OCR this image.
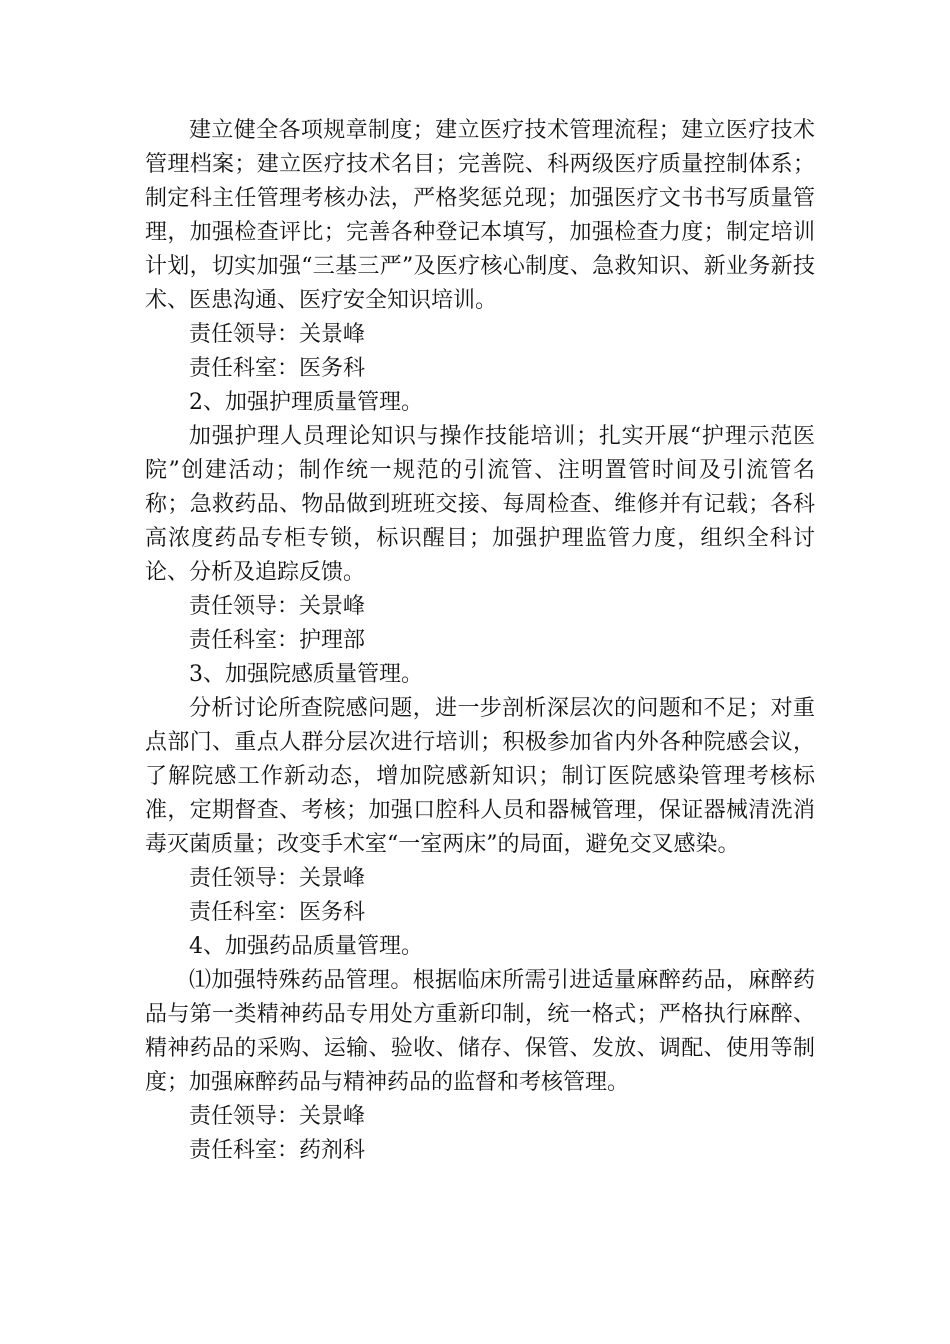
建立健全各项规章制度；建立医疗技术管理流程；建立医疗技术管理档案；建立医疗技术名目；完善院、科两级医疗质量控制体系；制定科主任管理考核办法，严格奖惩兑现；加强医疗文书书写质量管理，加强检查评比；完善各种登记本填写，加强检查力度；制定培训计划，切实加强“三基三严”及医疗核心制度、急救知识、新业务新技术、医患沟通、医疗安全知识培训。

责任领导：关景峰

责任科室：医务科

2、加强护理质量管理。

加强护理人员理论知识与操作技能培训；扎实开展“护理示范医院”创建活动；制作统一规范的引流管、注明置管时间及引流管名称；急救药品、物品做到班班交接、每周检查、维修并有记载；各科高浓度药品专柜专锁，标识醒目；加强护理监管力度，组织全科讨论、分析及追踪反馈。

责任领导：关景峰

责任科室：护理部

3、加强院感质量管理。

分析讨论所查院感问题，进一步剖析深层次的问题和不足；对重点部门、重点人群分层次进行培训；积极参加省内外各种院感会议，了解院感工作新动态，增加院感新知识；制订医院感染管理考核标准，定期督查、考核；加强口腔科人员和器械管理，保证器械清洗消毒灭菌质量；改变手术室“一室两床”的局面，避免交叉感染。

责任领导：关景峰

责任科室：医务科

4、加强药品质量管理。

⑴加强特殊药品管理。根据临床所需引进适量麻醉药品，麻醉药品与第一类精神药品专用处方重新印制，统一格式；严格执行麻醉、精神药品的采购、运输、验收、储存、保管、发放、调配、使用等制度；加强麻醉药品与精神药品的监督和考核管理。

责任领导：关景峰

责任科室：药剂科
